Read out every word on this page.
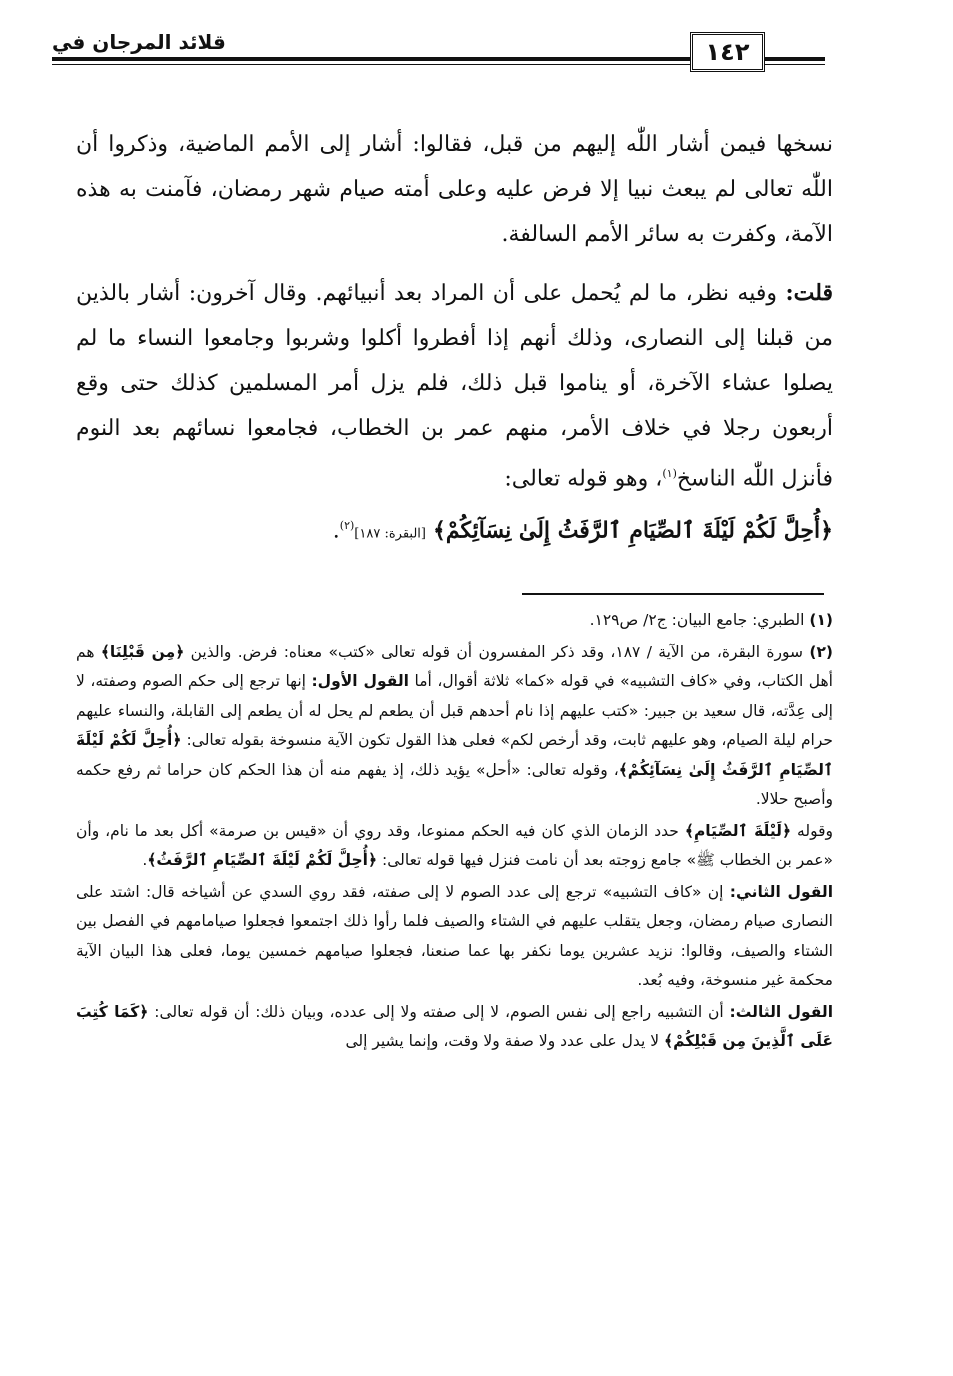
قلائد المرجان في	١٤٢

نسخها فيمن أشار اللّٰه إليهم من قبل، فقالوا: أشار إلى الأمم الماضية، وذكروا أن اللّٰه تعالى لم يبعث نبيا إلا فرض عليه وعلى أمته صيام شهر رمضان، فآمنت به هذه الآمة، وكفرت به سائر الأمم السالفة.

قلت: وفيه نظر، ما لم يُحمل على أن المراد بعد أنبيائهم. وقال آخرون: أشار بالذين من قبلنا إلى النصارى، وذلك أنهم إذا أفطروا أكلوا وشربوا وجامعوا النساء ما لم يصلوا عشاء الآخرة، أو يناموا قبل ذلك، فلم يزل أمر المسلمين كذلك حتى وقع أربعون رجلا في خلاف الأمر، منهم عمر بن الخطاب، فجامعوا نسائهم بعد النوم فأنزل اللّٰه الناسخ$^{(١)}$، وهو قوله تعالى:

﴿أُحِلَّ لَكُمْ لَيْلَةَ ٱلصِّيَامِ ٱلرَّفَثُ إِلَىٰ نِسَآئِكُمْ﴾ [البقرة: ١٨٧]$^{(٢)}$.

(١) الطبري: جامع البيان: ج٢/ ص١٢٩.

(٢) سورة البقرة، من الآية / ١٨٧، وقد ذكر المفسرون أن قوله تعالى «كتب» معناه: فرض. والذين ﴿مِن قَبْلِنَا﴾ هم أهل الكتاب، وفي «كاف التشبيه» في قوله «كما» ثلاثة أقوال، أما القول الأول: إنها ترجع إلى حكم الصوم وصفته، لا إلى عِدَّته، قال سعيد بن جبير: «كتب عليهم إذا نام أحدهم قبل أن يطعم لم يحل له أن يطعم إلى القابلة، والنساء عليهم حرام ليلة الصيام، وهو عليهم ثابت، وقد أرخص لكم» فعلى هذا القول تكون الآية منسوخة بقوله تعالى: ﴿أُحِلَّ لَكُمْ لَيْلَةَ ٱلصِّيَامِ ٱلرَّفَثُ إِلَىٰ نِسَآئِكُمْ﴾، وقوله تعالى: «أحل» يؤيد ذلك، إذ يفهم منه أن هذا الحكم كان حراما ثم رفع حكمه وأصبح حلالا.

وقوله ﴿لَيْلَةَ ٱلصِّيَامِ﴾ حدد الزمان الذي كان فيه الحكم ممنوعا، وقد روي أن «قيس بن صرمة» أكل بعد ما نام، وأن «عمر بن الخطاب ﷺ» جامع زوجته بعد أن نامت فنزل فيها قوله تعالى: ﴿أُحِلَّ لَكُمْ لَيْلَةَ ٱلصِّيَامِ ٱلرَّفَثُ﴾.

القول الثاني: إن «كاف التشبيه» ترجع إلى عدد الصوم لا إلى صفته، فقد روي السدي عن أشياخه قال: اشتد على النصارى صيام رمضان، وجعل يتقلب عليهم في الشتاء والصيف فلما رأوا ذلك اجتمعوا فجعلوا صيامامهم في الفصل بين الشتاء والصيف، وقالوا: نزيد عشرين يوما نكفر بها عما صنعنا، فجعلوا صيامهم خمسين يوما، فعلى هذا البيان الآية محكمة غير منسوخة، وفيه بُعد.

القول الثالث: أن التشبيه راجع إلى نفس الصوم، لا إلى صفته ولا إلى عدده، وبيان ذلك: أن قوله تعالى: ﴿كَمَا كُتِبَ عَلَى ٱلَّذِينَ مِن قَبْلِكُمْ﴾ لا يدل على عدد ولا صفة ولا وقت، وإنما يشير إلى
